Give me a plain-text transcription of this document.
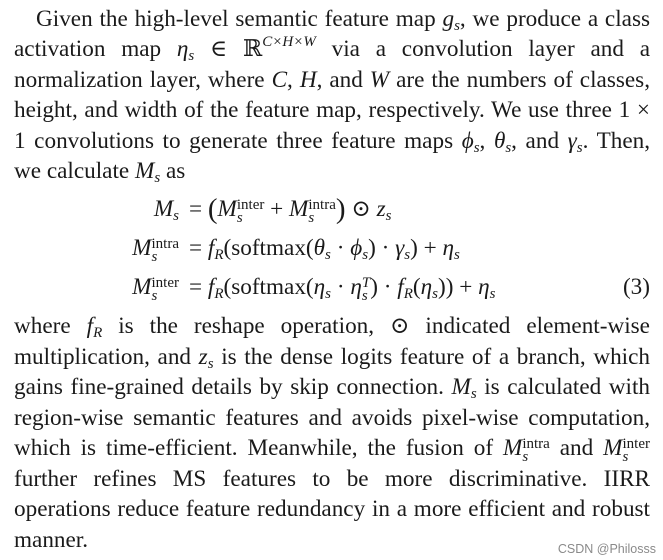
Given the high-level semantic feature map $g_s$, we produce a class activation map $\eta_s$ ∈ ℝ$^{C\times H\times W}$ via a convolution layer and a normalization layer, where C, H, and W are the numbers of classes, height, and width of the feature map, respectively. We use three 1 × 1 convolutions to generate three feature maps $\phi_s$, $\theta_s$, and $\gamma_s$. Then, we calculate $M_s$ as

$M_s = (M$ inter
s + M intra
s ) ⊙ $z_s$
M intra
s	= $f_R(softmax(\theta_s \cdot \phi_s) \cdot \gamma_s) + \eta_s$
M inter
s	= $f_R(softmax(\eta_s \cdot \eta$ T
s ) · $f_R(\eta_s)) + \eta_s$	(3)

where $f_R$ is the reshape operation, ⊙ indicated element-wise multiplication, and $z_s$ is the dense logits feature of a branch, which gains fine-grained details by skip connection. $M_s$ is calculated with region-wise semantic features and avoids pixel-wise computation, which is time-efficient. Meanwhile, the fusion of M intra
s and M inter
s
further refines MS features to be more discriminative. IIRR operations reduce feature redundancy in a more efficient and robust manner.	CSDN @Philosss
